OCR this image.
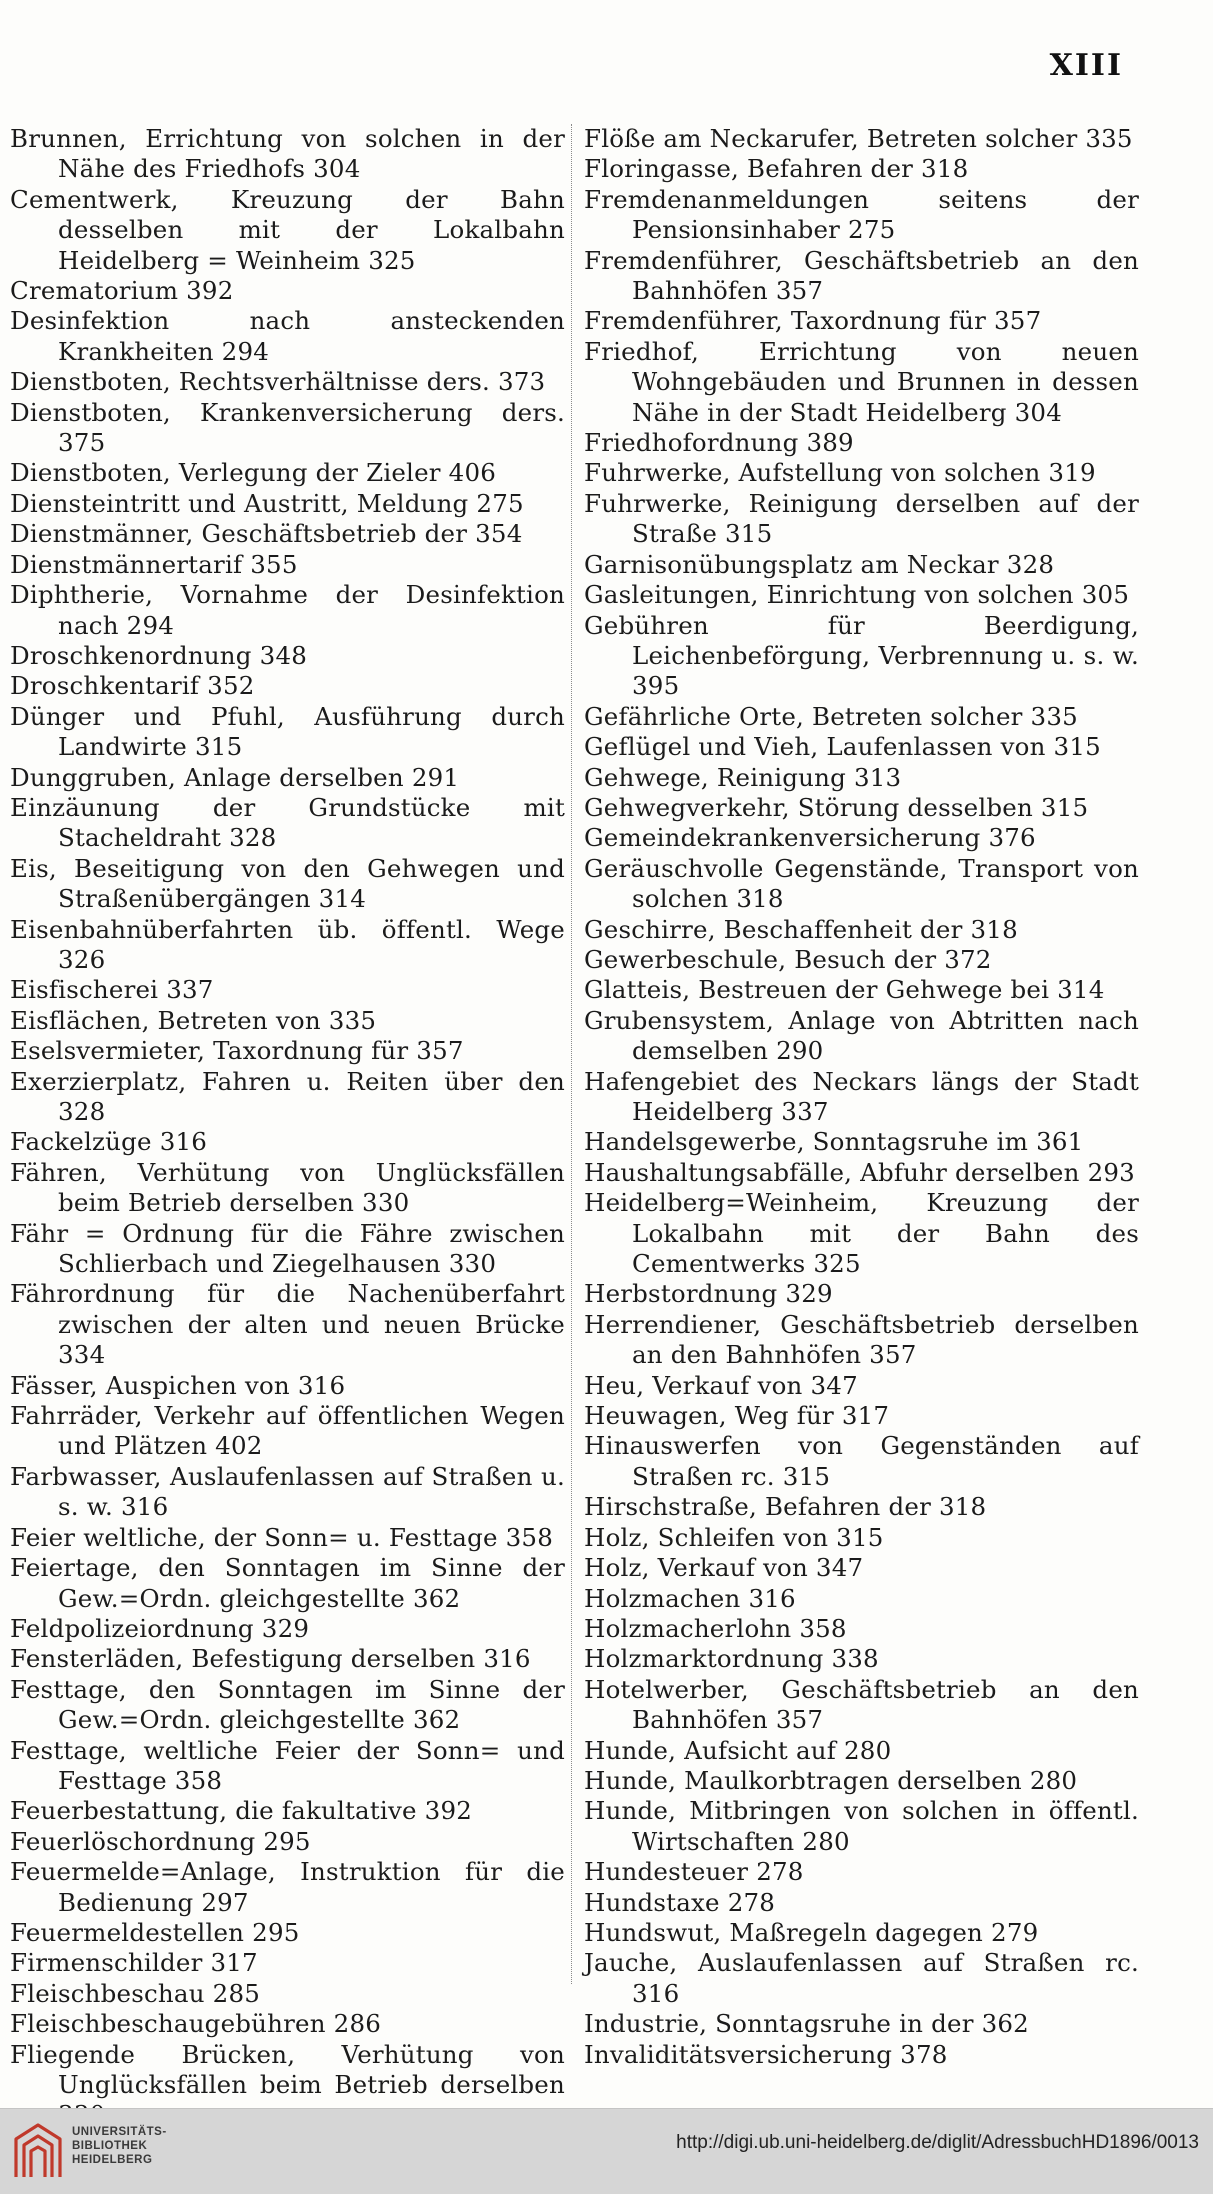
XIII

Brunnen, Errichtung von solchen in der Nähe des Friedhofs 304

Cementwerk, Kreuzung der Bahn desselben mit der Lokalbahn Heidelberg = Weinheim 325

Crematorium 392

Desinfektion nach ansteckenden Krankheiten 294

Dienstboten, Rechtsverhältnisse ders. 373

Dienstboten, Krankenversicherung ders. 375

Dienstboten, Verlegung der Zieler 406

Diensteintritt und Austritt, Meldung 275

Dienstmänner, Geschäftsbetrieb der 354

Dienstmännertarif 355

Diphtherie, Vornahme der Desinfektion nach 294

Droschkenordnung 348

Droschkentarif 352

Dünger und Pfuhl, Ausführung durch Landwirte 315

Dunggruben, Anlage derselben 291

Einzäunung der Grundstücke mit Stacheldraht 328

Eis, Beseitigung von den Gehwegen und Straßenübergängen 314

Eisenbahnüberfahrten üb. öffentl. Wege 326

Eisfischerei 337

Eisflächen, Betreten von 335

Eselsvermieter, Taxordnung für 357

Exerzierplatz, Fahren u. Reiten über den 328

Fackelzüge 316

Fähren, Verhütung von Unglücksfällen beim Betrieb derselben 330

Fähr = Ordnung für die Fähre zwischen Schlierbach und Ziegelhausen 330

Fährordnung für die Nachenüberfahrt zwischen der alten und neuen Brücke 334

Fässer, Auspichen von 316

Fahrräder, Verkehr auf öffentlichen Wegen und Plätzen 402

Farbwasser, Auslaufenlassen auf Straßen u. s. w. 316

Feier weltliche, der Sonn= u. Festtage 358

Feiertage, den Sonntagen im Sinne der Gew.=Ordn. gleichgestellte 362

Feldpolizeiordnung 329

Fensterläden, Befestigung derselben 316

Festtage, den Sonntagen im Sinne der Gew.=Ordn. gleichgestellte 362

Festtage, weltliche Feier der Sonn= und Festtage 358

Feuerbestattung, die fakultative 392

Feuerlöschordnung 295

Feuermelde=Anlage, Instruktion für die Bedienung 297

Feuermeldestellen 295

Firmenschilder 317

Fleischbeschau 285

Fleischbeschaugebühren 286

Fliegende Brücken, Verhütung von Unglücksfällen beim Betrieb derselben

Flöße am Neckarufer, Betreten solcher 335

Floringasse, Befahren der 318

Fremdenanmeldungen seitens der Pensionsinhaber 275

Fremdenführer, Geschäftsbetrieb an den Bahnhöfen 357

Fremdenführer, Taxordnung für 357

Friedhof, Errichtung von neuen Wohngebäuden und Brunnen in dessen Nähe in der Stadt Heidelberg 304

Friedhofordnung 389

Fuhrwerke, Aufstellung von solchen 319

Fuhrwerke, Reinigung derselben auf der Straße 315

Garnisonübungsplatz am Neckar 328

Gasleitungen, Einrichtung von solchen 305

Gebühren für Beerdigung, Leichenbeförgung, Verbrennung u. s. w. 395

Gefährliche Orte, Betreten solcher 335

Geflügel und Vieh, Laufenlassen von 315

Gehwege, Reinigung 313

Gehwegverkehr, Störung desselben 315

Gemeindekrankenversicherung 376

Geräuschvolle Gegenstände, Transport von solchen 318

Geschirre, Beschaffenheit der 318

Gewerbeschule, Besuch der 372

Glatteis, Bestreuen der Gehwege bei 314

Grubensystem, Anlage von Abtritten nach demselben 290

Hafengebiet des Neckars längs der Stadt Heidelberg 337

Handelsgewerbe, Sonntagsruhe im 361

Haushaltungsabfälle, Abfuhr derselben 293

Heidelberg=Weinheim, Kreuzung der Lokalbahn mit der Bahn des Cementwerks 325

Herbstordnung 329

Herrendiener, Geschäftsbetrieb derselben an den Bahnhöfen 357

Heu, Verkauf von 347

Heuwagen, Weg für 317

Hinauswerfen von Gegenständen auf Straßen rc. 315

Hirschstraße, Befahren der 318

Holz, Schleifen von 315

Holz, Verkauf von 347

Holzmachen 316

Holzmacherlohn 358

Holzmarktordnung 338

Hotelwerber, Geschäftsbetrieb an den Bahnhöfen 357

Hunde, Aufsicht auf 280

Hunde, Maulkorbtragen derselben 280

Hunde, Mitbringen von solchen in öffentl. Wirtschaften 280

Hundesteuer 278

Hundstaxe 278

Hundswut, Maßregeln dagegen 279

Jauche, Auslaufenlassen auf Straßen rc. 316

Industrie, Sonntagsruhe in der 362

Invaliditätsversicherung 378

UNIVERSITÄTS-
BIBLIOTHEK
HEIDELBERG
http://digi.ub.uni-heidelberg.de/diglit/AdressbuchHD1896/0013
